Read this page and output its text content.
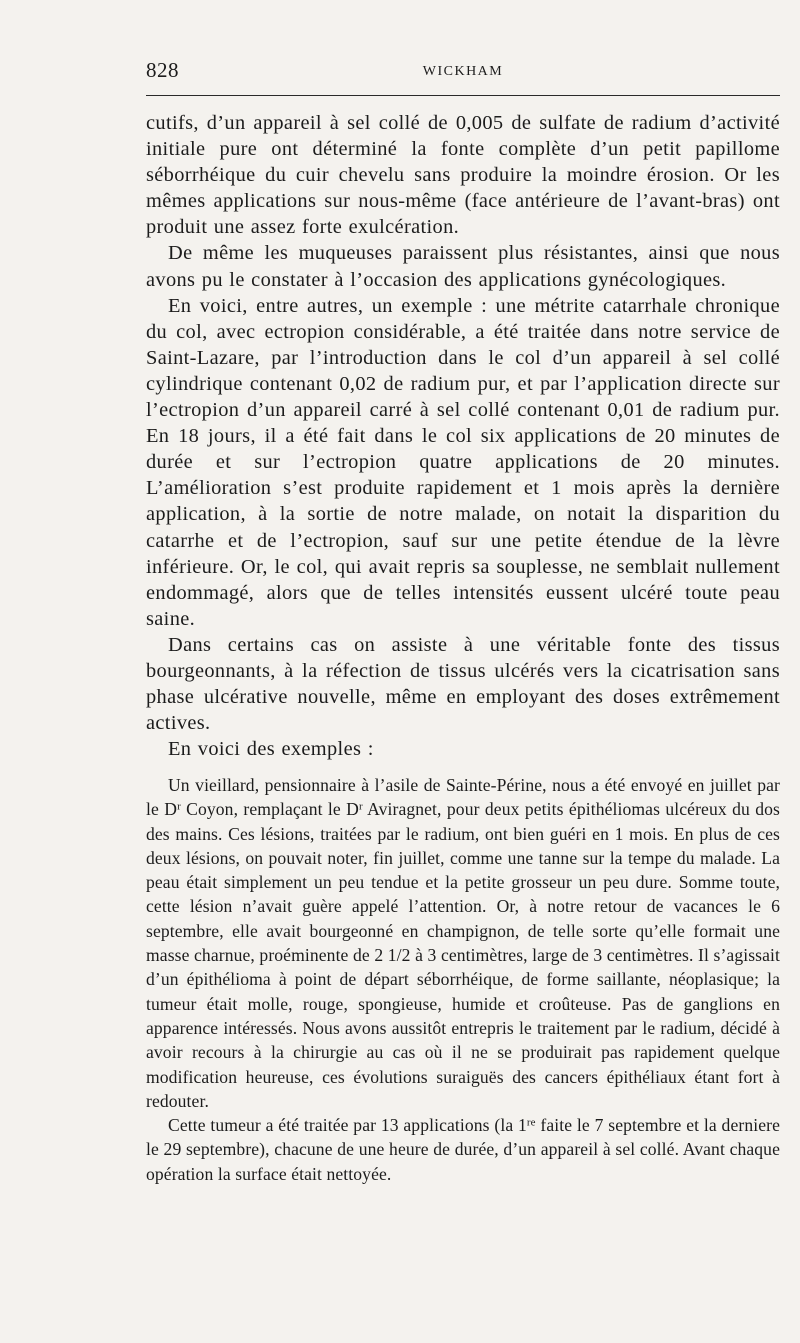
828	WICKHAM

cutifs, d’un appareil à sel collé de 0,005 de sulfate de radium d’activité initiale pure ont déterminé la fonte complète d’un petit papillome séborrhéique du cuir chevelu sans produire la moindre érosion. Or les mêmes applications sur nous-même (face antérieure de l’avant-bras) ont produit une assez forte exulcération.

De même les muqueuses paraissent plus résistantes, ainsi que nous avons pu le constater à l’occasion des applications gynécologiques.

En voici, entre autres, un exemple : une métrite catarrhale chronique du col, avec ectropion considérable, a été traitée dans notre service de Saint-Lazare, par l’introduction dans le col d’un appareil à sel collé cylindrique contenant 0,02 de radium pur, et par l’application directe sur l’ectropion d’un appareil carré à sel collé contenant 0,01 de radium pur. En 18 jours, il a été fait dans le col six applications de 20 minutes de durée et sur l’ectropion quatre applications de 20 minutes. L’amélioration s’est produite rapidement et 1 mois après la dernière application, à la sortie de notre malade, on notait la disparition du catarrhe et de l’ectropion, sauf sur une petite étendue de la lèvre inférieure. Or, le col, qui avait repris sa souplesse, ne semblait nullement endommagé, alors que de telles intensités eussent ulcéré toute peau saine.

Dans certains cas on assiste à une véritable fonte des tissus bourgeonnants, à la réfection de tissus ulcérés vers la cicatrisation sans phase ulcérative nouvelle, même en employant des doses extrêmement actives.

En voici des exemples :

Un vieillard, pensionnaire à l’asile de Sainte-Périne, nous a été envoyé en juillet par le $D^r$ Coyon, remplaçant le $D^r$ Aviragnet, pour deux petits épithéliomas ulcéreux du dos des mains. Ces lésions, traitées par le radium, ont bien guéri en 1 mois. En plus de ces deux lésions, on pouvait noter, fin juillet, comme une tanne sur la tempe du malade. La peau était simplement un peu tendue et la petite grosseur un peu dure. Somme toute, cette lésion n’avait guère appelé l’attention. Or, à notre retour de vacances le 6 septembre, elle avait bourgeonné en champignon, de telle sorte qu’elle formait une masse charnue, proéminente de 2 1/2 à 3 centimètres, large de 3 centimètres. Il s’agissait d’un épithélioma à point de départ séborrhéique, de forme saillante, néoplasique; la tumeur était molle, rouge, spongieuse, humide et croûteuse. Pas de ganglions en apparence intéressés. Nous avons aussitôt entrepris le traitement par le radium, décidé à avoir recours à la chirurgie au cas où il ne se produirait pas rapidement quelque modification heureuse, ces évolutions suraiguës des cancers épithéliaux étant fort à redouter.

Cette tumeur a été traitée par 13 applications (la 1re faite le 7 septembre et la derniere le 29 septembre), chacune de une heure de durée, d’un appareil à sel collé. Avant chaque opération la surface était nettoyée.
